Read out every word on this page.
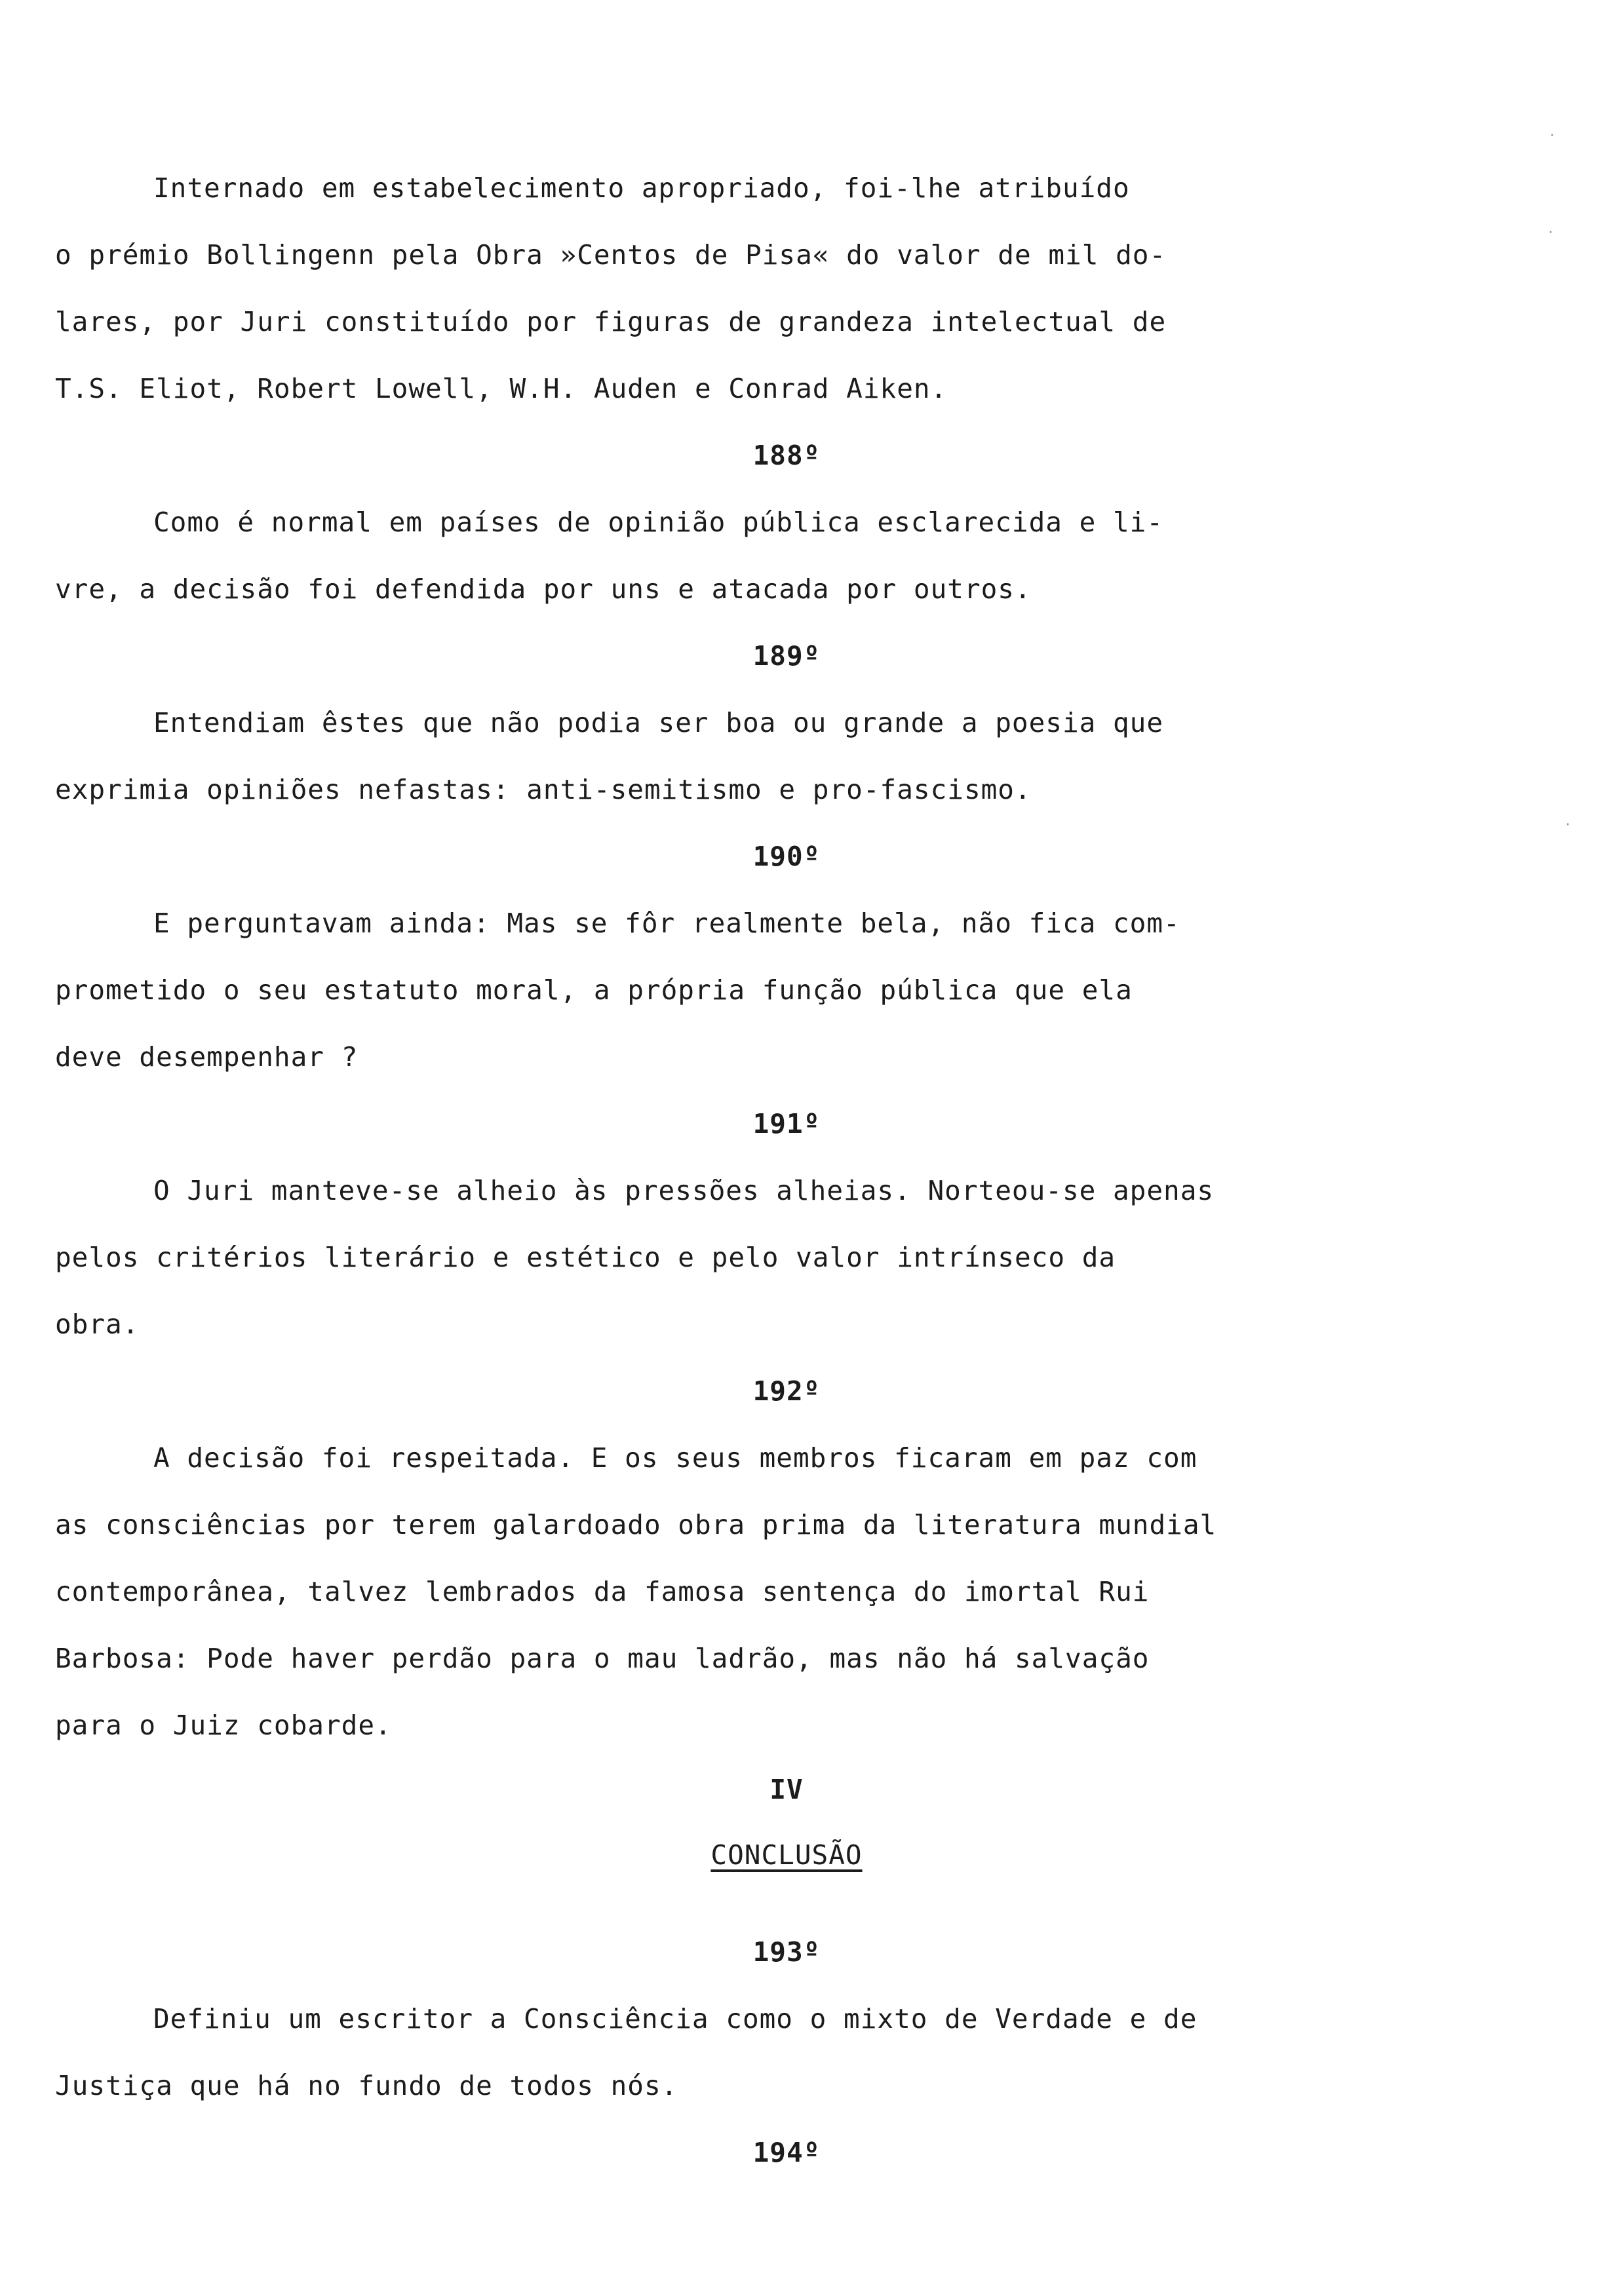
Internado em estabelecimento apropriado, foi-lhe atribuído
o prémio Bollingenn pela Obra »Centos de Pisa« do valor de mil do-
lares, por Juri constituído por figuras de grandeza intelectual de
T.S. Eliot, Robert Lowell, W.H. Auden e Conrad Aiken.
188º
Como é normal em países de opinião pública esclarecida e li-
vre, a decisão foi defendida por uns e atacada por outros.
189º
Entendiam êstes que não podia ser boa ou grande a poesia que
exprimia opiniões nefastas: anti-semitismo e pro-fascismo.
190º
E perguntavam ainda: Mas se fôr realmente bela, não fica com-
prometido o seu estatuto moral, a própria função pública que ela
deve desempenhar ?
191º
O Juri manteve-se alheio às pressões alheias. Norteou-se apenas
pelos critérios literário e estético e pelo valor intrínseco da
obra.
192º
A decisão foi respeitada. E os seus membros ficaram em paz com
as consciências por terem galardoado obra prima da literatura mundial
contemporânea, talvez lembrados da famosa sentença do imortal Rui
Barbosa: Pode haver perdão para o mau ladrão, mas não há salvação
para o Juiz cobarde.
IV
CONCLUSÃO
193º
Definiu um escritor a Consciência como o mixto de Verdade e de
Justiça que há no fundo de todos nós.
194º
·
·
·
